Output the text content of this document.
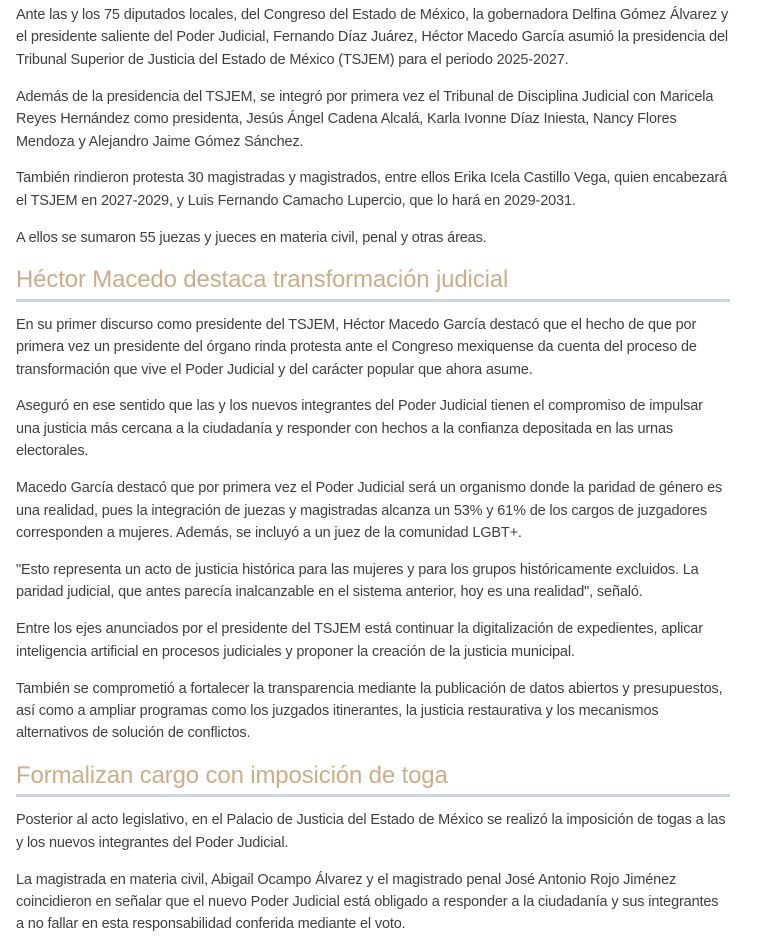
Ante las y los 75 diputados locales, del Congreso del Estado de México, la gobernadora Delfina Gómez Álvarez y el presidente saliente del Poder Judicial, Fernando Díaz Juárez, Héctor Macedo García asumió la presidencia del Tribunal Superior de Justicia del Estado de México (TSJEM) para el periodo 2025-2027.

Además de la presidencia del TSJEM, se integró por primera vez el Tribunal de Disciplina Judicial con Maricela Reyes Hernández como presidenta, Jesús Ángel Cadena Alcalá, Karla Ivonne Díaz Iniesta, Nancy Flores Mendoza y Alejandro Jaime Gómez Sánchez.

También rindieron protesta 30 magistradas y magistrados, entre ellos Erika Icela Castillo Vega, quien encabezará el TSJEM en 2027-2029, y Luis Fernando Camacho Lupercio, que lo hará en 2029-2031.

A ellos se sumaron 55 juezas y jueces en materia civil, penal y otras áreas.

Héctor Macedo destaca transformación judicial

En su primer discurso como presidente del TSJEM, Héctor Macedo García destacó que el hecho de que por primera vez un presidente del órgano rinda protesta ante el Congreso mexiquense da cuenta del proceso de transformación que vive el Poder Judicial y del carácter popular que ahora asume.

Aseguró en ese sentido que las y los nuevos integrantes del Poder Judicial tienen el compromiso de impulsar una justicia más cercana a la ciudadanía y responder con hechos a la confianza depositada en las urnas electorales.

Macedo García destacó que por primera vez el Poder Judicial será un organismo donde la paridad de género es una realidad, pues la integración de juezas y magistradas alcanza un 53% y 61% de los cargos de juzgadores corresponden a mujeres. Además, se incluyó a un juez de la comunidad LGBT+.

"Esto representa un acto de justicia histórica para las mujeres y para los grupos históricamente excluidos. La paridad judicial, que antes parecía inalcanzable en el sistema anterior, hoy es una realidad", señaló.

Entre los ejes anunciados por el presidente del TSJEM está continuar la digitalización de expedientes, aplicar inteligencia artificial en procesos judiciales y proponer la creación de la justicia municipal.

También se comprometió a fortalecer la transparencia mediante la publicación de datos abiertos y presupuestos, así como a ampliar programas como los juzgados itinerantes, la justicia restaurativa y los mecanismos alternativos de solución de conflictos.

Formalizan cargo con imposición de toga

Posterior al acto legislativo, en el Palacio de Justicia del Estado de México se realizó la imposición de togas a las y los nuevos integrantes del Poder Judicial.

La magistrada en materia civil, Abigail Ocampo Álvarez y el magistrado penal José Antonio Rojo Jiménez coincidieron en señalar que el nuevo Poder Judicial está obligado a responder a la ciudadanía y sus integrantes a no fallar en esta responsabilidad conferida mediante el voto.
